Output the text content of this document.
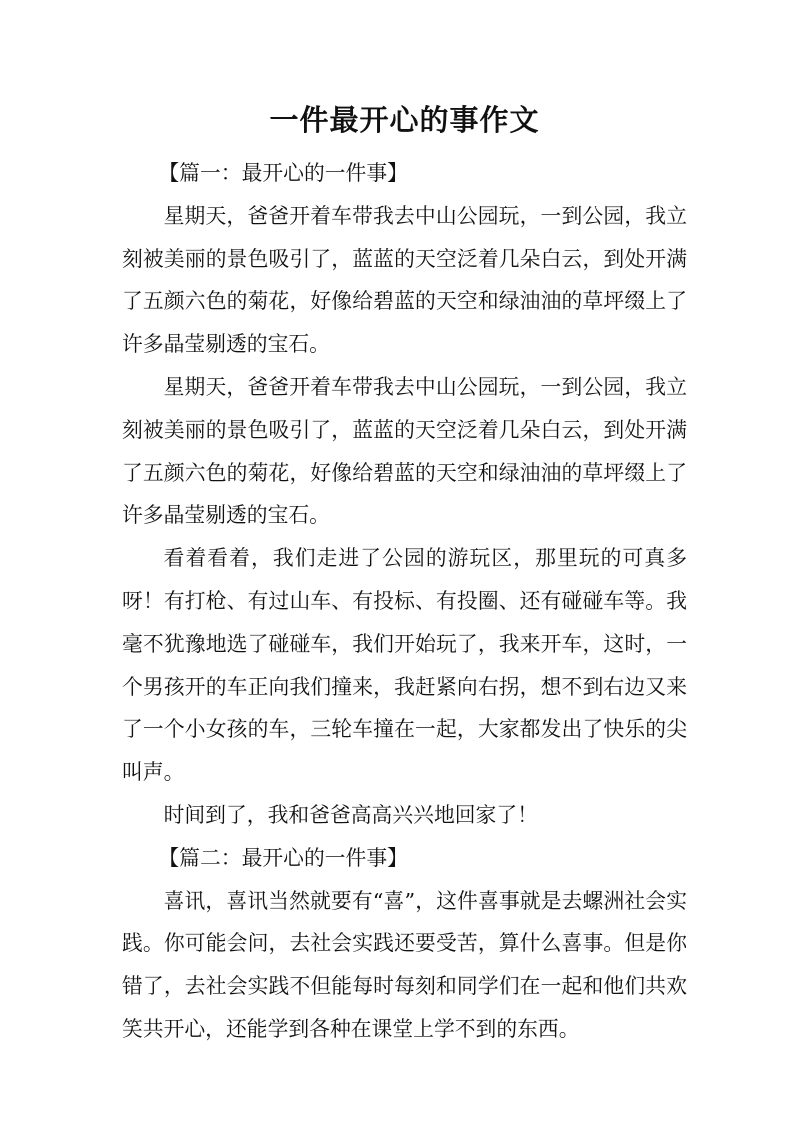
一件最开心的事作文

【篇一：最开心的一件事】

星期天，爸爸开着车带我去中山公园玩，一到公园，我立刻被美丽的景色吸引了，蓝蓝的天空泛着几朵白云，到处开满了五颜六色的菊花，好像给碧蓝的天空和绿油油的草坪缀上了许多晶莹剔透的宝石。

星期天，爸爸开着车带我去中山公园玩，一到公园，我立刻被美丽的景色吸引了，蓝蓝的天空泛着几朵白云，到处开满了五颜六色的菊花，好像给碧蓝的天空和绿油油的草坪缀上了许多晶莹剔透的宝石。

看着看着，我们走进了公园的游玩区，那里玩的可真多呀！有打枪、有过山车、有投标、有投圈、还有碰碰车等。我毫不犹豫地选了碰碰车，我们开始玩了，我来开车，这时，一个男孩开的车正向我们撞来，我赶紧向右拐，想不到右边又来了一个小女孩的车，三轮车撞在一起，大家都发出了快乐的尖叫声。

时间到了，我和爸爸高高兴兴地回家了！

【篇二：最开心的一件事】

喜讯，喜讯当然就要有“喜”，这件喜事就是去螺洲社会实践。你可能会问，去社会实践还要受苦，算什么喜事。但是你错了，去社会实践不但能每时每刻和同学们在一起和他们共欢笑共开心，还能学到各种在课堂上学不到的东西。
